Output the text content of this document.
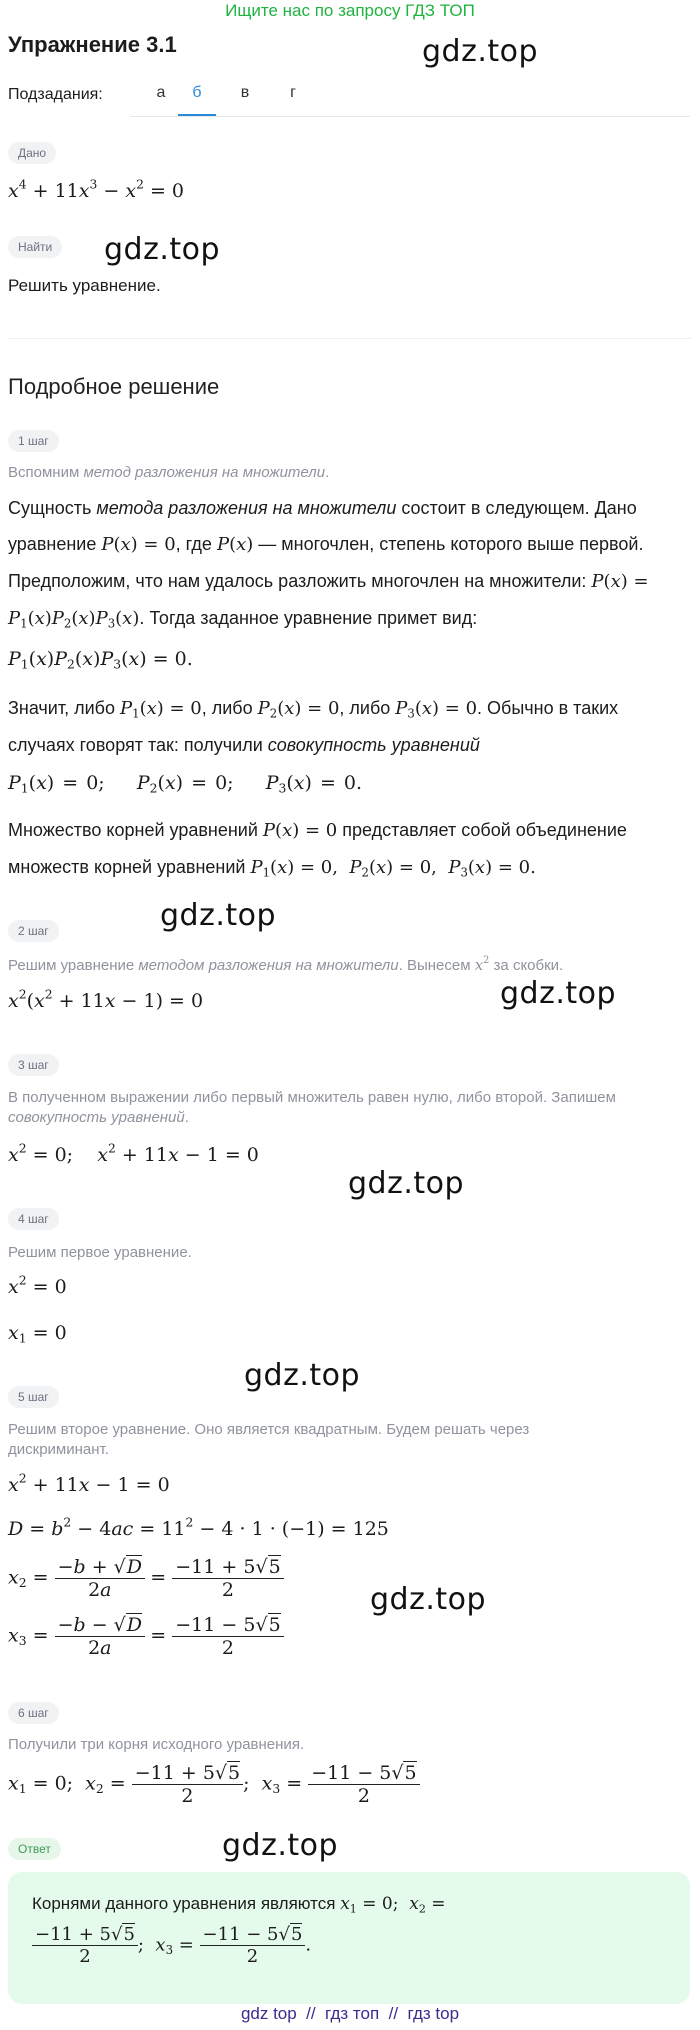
Ищите нас по запросу ГДЗ ТОП
gdz.top
gdz.top
gdz.top
gdz.top
gdz.top
gdz.top
gdz.top
gdz.top
Упражнение 3.1
Подзадания:	а	б	в	г
Дано
$x^4 + 11x^3 - x^2 = 0$
Найти
Решить уравнение.
Подробное решение
1 шаг
Вспомним метод разложения на множители.
Сущность метода разложения на множители состоит в следующем. Дано
уравнение P(x) = 0, где P(x) — многочлен, степень которого выше первой.
Предположим, что нам удалось разложить многочлен на множители: P(x) =
$P_1(x)P_2(x)P_3(x)$. Тогда заданное уравнение примет вид:
$P_1(x)P_2(x)P_3(x) = 0$.
Значит, либо $P_1(x) = 0$, либо $P_2(x) = 0$, либо $P_3(x) = 0$. Обычно в таких
случаях говорят так: получили совокупность уравнений
$P_1(x) = 0$;    $P_2(x) = 0$;    $P_3(x) = 0$.
Множество корней уравнений P(x) = 0 представляет собой объединение
множеств корней уравнений $P_1(x) = 0$,  $P_2(x) = 0$,  $P_3(x) = 0$.
2 шаг
Решим уравнение методом разложения на множители. Вынесем $x^2$ за скобки.
$x^2(x^2 + 11x - 1) = 0$
3 шаг
В полученном выражении либо первый множитель равен нулю, либо второй. Запишем
совокупность уравнений.
$x^2 = 0$;    $x^2 + 11x - 1 = 0$
4 шаг
Решим первое уравнение.
$x^2 = 0$
$x_1 = 0$
5 шаг
Решим второе уравнение. Оно является квадратным. Будем решать через
дискриминант.
$x^2 + 11x - 1 = 0$
$D = b^2 - 4ac = 11^2 - 4 \cdot 1 \cdot (-1) = 125$
$x_2 = \frac{-b + √D}{2a} = \frac{-11 + 5√5}{2}$
$x_3 = \frac{-b - √D}{2a} = \frac{-11 - 5√5}{2}$
6 шаг
Получили три корня исходного уравнения.
$x_1 = 0$;  $x_2 = \frac{-11 + 5√5}{2}$ ;  $x_3 = \frac{-11 - 5√5}{2}$
Ответ
Корнями данного уравнения являются $x_1 = 0$;  $x_2$ =
$\frac{-11 + 5√5}{2}$ ;  $x_3 = \frac{-11 - 5√5}{2}$ .
gdz top  //  гдз топ  //  гдз top
